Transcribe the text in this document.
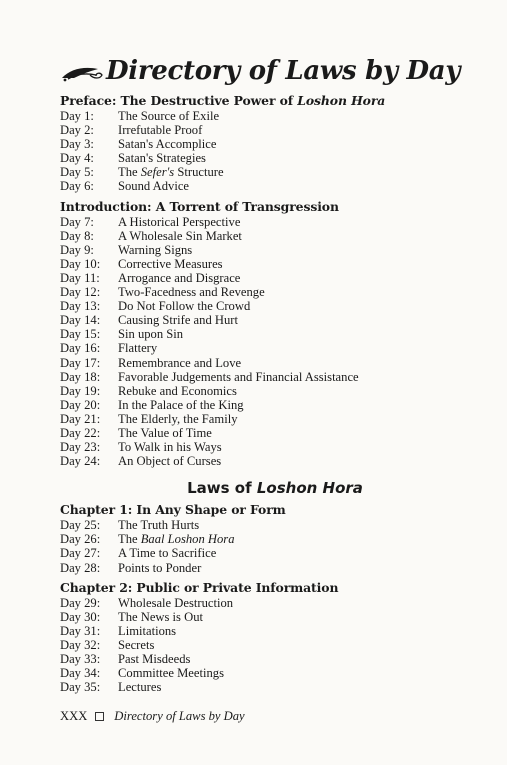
Directory of Laws by Day
Preface: The Destructive Power of Loshon Hora
Day 1:	The Source of Exile
Day 2:	Irrefutable Proof
Day 3:	Satan's Accomplice
Day 4:	Satan's Strategies
Day 5:	The Sefer's Structure
Day 6:	Sound Advice
Introduction: A Torrent of Transgression
Day 7:	A Historical Perspective
Day 8:	A Wholesale Sin Market
Day 9:	Warning Signs
Day 10:	Corrective Measures
Day 11:	Arrogance and Disgrace
Day 12:	Two-Facedness and Revenge
Day 13:	Do Not Follow the Crowd
Day 14:	Causing Strife and Hurt
Day 15:	Sin upon Sin
Day 16:	Flattery
Day 17:	Remembrance and Love
Day 18:	Favorable Judgements and Financial Assistance
Day 19:	Rebuke and Economics
Day 20:	In the Palace of the King
Day 21:	The Elderly, the Family
Day 22:	The Value of Time
Day 23:	To Walk in his Ways
Day 24:	An Object of Curses
Laws of Loshon Hora
Chapter 1: In Any Shape or Form
Day 25:	The Truth Hurts
Day 26:	The Baal Loshon Hora
Day 27:	A Time to Sacrifice
Day 28:	Points to Ponder
Chapter 2: Public or Private Information
Day 29:	Wholesale Destruction
Day 30:	The News is Out
Day 31:	Limitations
Day 32:	Secrets
Day 33:	Past Misdeeds
Day 34:	Committee Meetings
Day 35:	Lectures
XXX Directory of Laws by Day
